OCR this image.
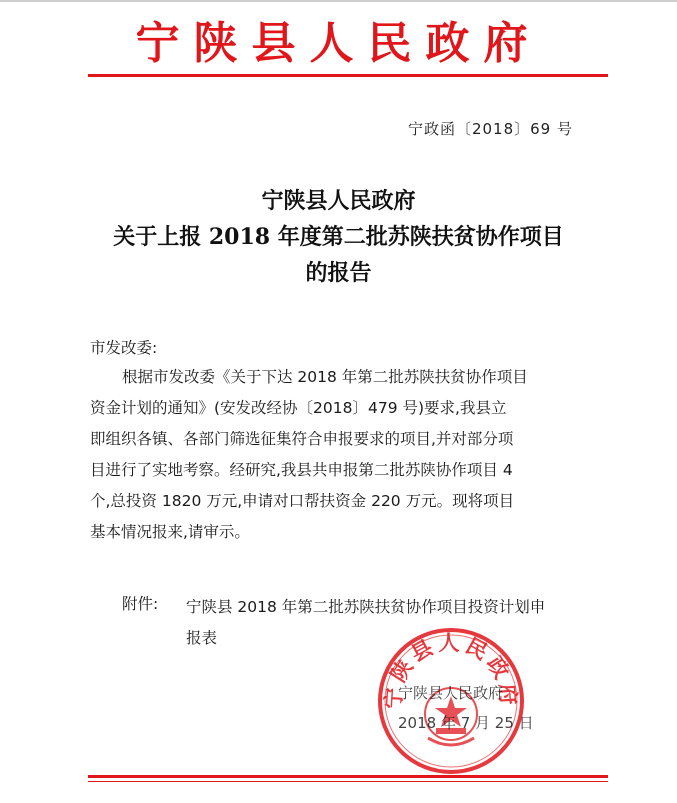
宁陕县人民政府
宁政函〔2018〕69 号
宁陕县人民政府
关于上报 2018 年度第二批苏陕扶贫协作项目
的报告
市发改委:
根据市发改委《关于下达 2018 年第二批苏陕扶贫协作项目
资金计划的通知》(安发改经协〔2018〕479 号)要求,我县立
即组织各镇、各部门筛选征集符合申报要求的项目,并对部分项
目进行了实地考察。经研究,我县共申报第二批苏陕协作项目 4
个,总投资 1820 万元,申请对口帮扶资金 220 万元。现将项目
基本情况报来,请审示。
附件: 宁陕县 2018 年第二批苏陕扶贫协作项目投资计划申
报表
宁陕县人民政府
宁陕县人民政府
2018 年 7 月 25 日
